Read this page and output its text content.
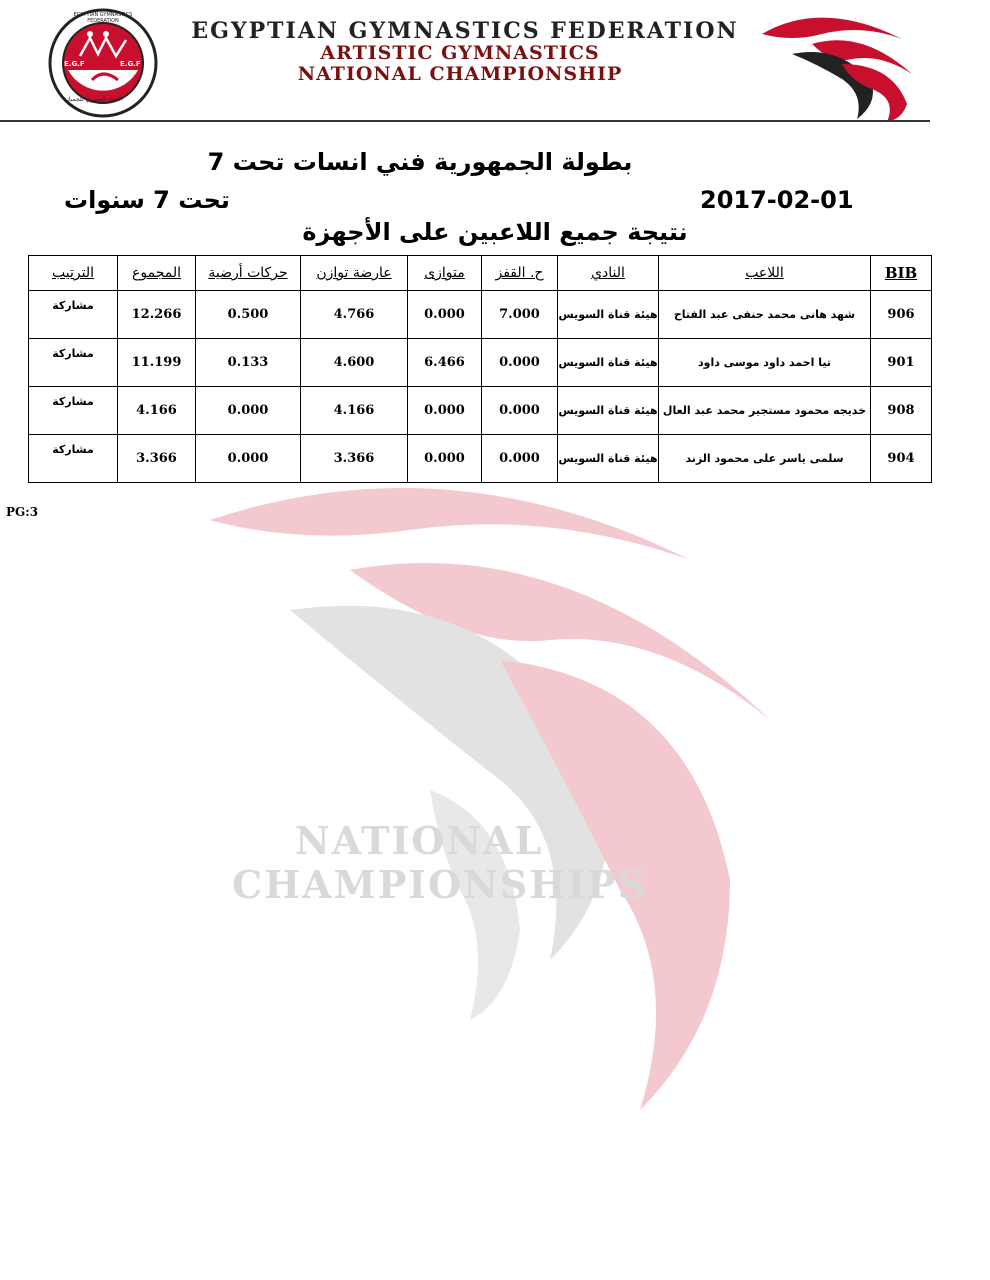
E.G.F	E.G.F
الاتحاد المصري للجمباز
EGYPTIAN GYMNASTICS FEDERATION	EGYPTIAN GYMNASTICS FEDERATION
ARTISTIC GYMNASTICS
NATIONAL CHAMPIONSHIP
NATIONAL
CHAMPIONSHIPS
بطولة الجمهورية فني انسات تحت 7
2017-02-01
تحت 7 سنوات
نتيجة جميع اللاعبين على الأجهزة
BIB	اللاعب	النادي	ح. القفز	متوازى	عارضة توازن	حركات أرضية	المجموع	الترتيب
906	شهد هانى محمد حنفى عبد الفتاح	هيئة قناة السويس	7.000	0.000	4.766	0.500	12.266	مشاركة
901	تيا احمد داود موسى داود	هيئة قناة السويس	0.000	6.466	4.600	0.133	11.199	مشاركة
908	خديجه محمود مستجير محمد عبد العال	هيئة قناة السويس	0.000	0.000	4.166	0.000	4.166	مشاركة
904	سلمى ياسر على محمود الزند	هيئة قناة السويس	0.000	0.000	3.366	0.000	3.366	مشاركة
PG:3
